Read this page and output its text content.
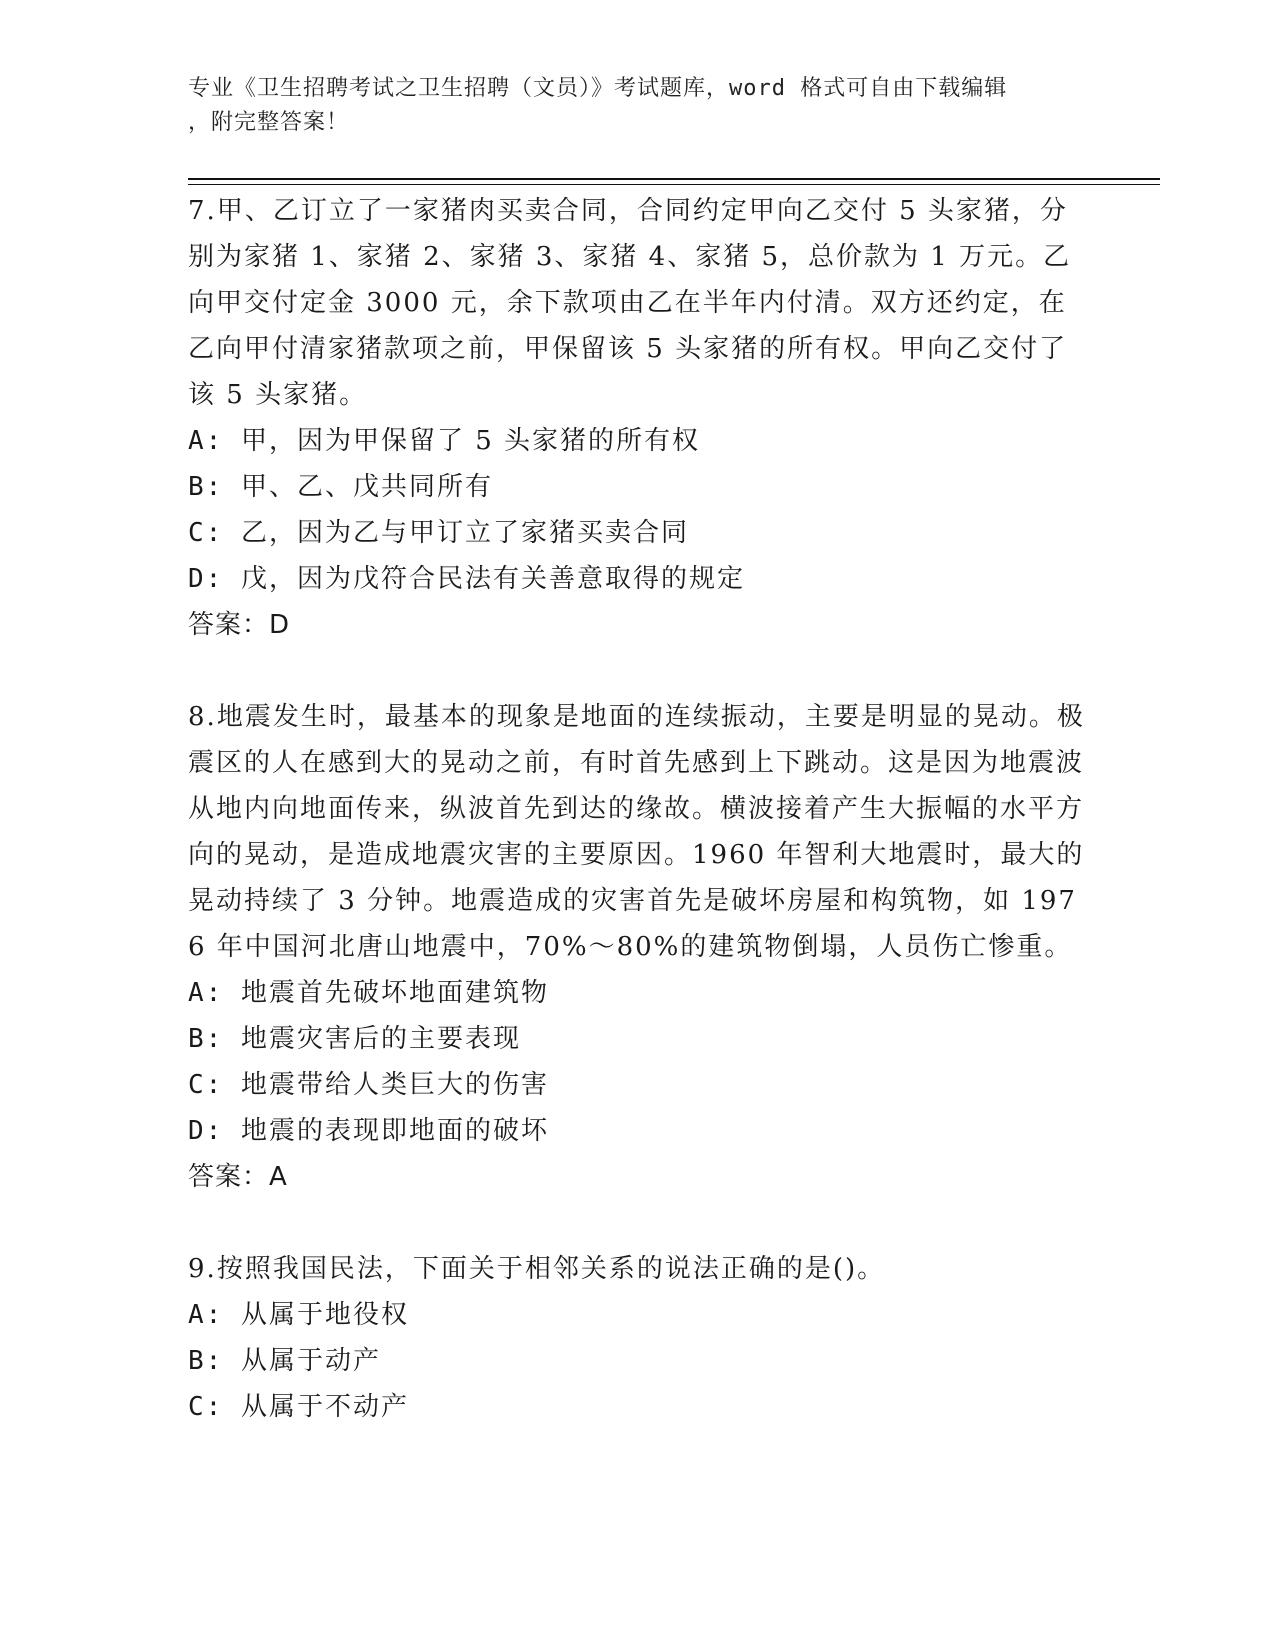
专业《卫生招聘考试之卫生招聘（文员）》考试题库，word 格式可自由下载编辑
，附完整答案！

7.甲、乙订立了一家猪肉买卖合同，合同约定甲向乙交付 5 头家猪，分别为家猪 1、家猪 2、家猪 3、家猪 4、家猪 5，总价款为 1 万元。乙向甲交付定金 3000 元，余下款项由乙在半年内付清。双方还约定，在乙向甲付清家猪款项之前，甲保留该 5 头家猪的所有权。甲向乙交付了该 5 头家猪。

A: 甲，因为甲保留了 5 头家猪的所有权

B: 甲、乙、戊共同所有

C: 乙，因为乙与甲订立了家猪买卖合同

D: 戊，因为戊符合民法有关善意取得的规定

答案：D

8.地震发生时，最基本的现象是地面的连续振动，主要是明显的晃动。极震区的人在感到大的晃动之前，有时首先感到上下跳动。这是因为地震波从地内向地面传来，纵波首先到达的缘故。横波接着产生大振幅的水平方向的晃动，是造成地震灾害的主要原因。1960 年智利大地震时，最大的晃动持续了 3 分钟。地震造成的灾害首先是破坏房屋和构筑物，如 1976 年中国河北唐山地震中，70%～80%的建筑物倒塌，人员伤亡惨重。

A: 地震首先破坏地面建筑物

B: 地震灾害后的主要表现

C: 地震带给人类巨大的伤害

D: 地震的表现即地面的破坏

答案：A

9.按照我国民法，下面关于相邻关系的说法正确的是()。

A: 从属于地役权

B: 从属于动产

C: 从属于不动产
